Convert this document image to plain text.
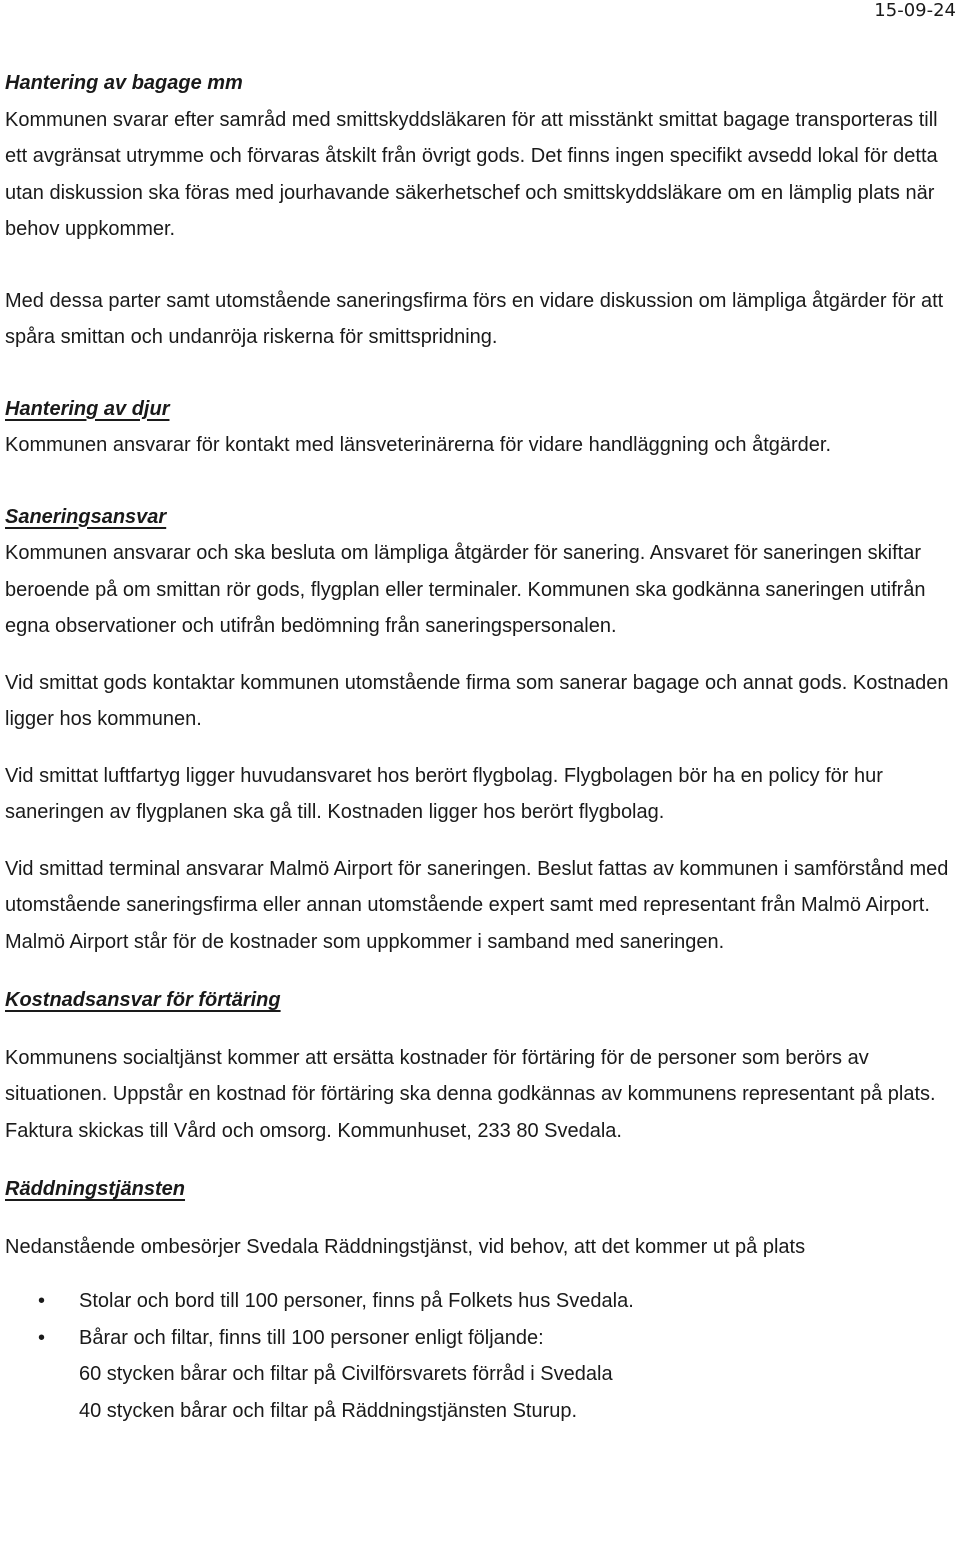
15-09-24

Hantering av bagage mm

Kommunen svarar efter samråd med smittskyddsläkaren för att misstänkt smittat bagage transporteras till ett avgränsat utrymme och förvaras åtskilt från övrigt gods. Det finns ingen specifikt avsedd lokal för detta utan diskussion ska föras med jourhavande säkerhetschef och smittskyddsläkare om en lämplig plats när behov uppkommer.

Med dessa parter samt utomstående saneringsfirma förs en vidare diskussion om lämpliga åtgärder för att spåra smittan och undanröja riskerna för smittspridning.

Hantering av djur

Kommunen ansvarar för kontakt med länsveterinärerna för vidare handläggning och åtgärder.

Saneringsansvar

Kommunen ansvarar och ska besluta om lämpliga åtgärder för sanering. Ansvaret för saneringen skiftar beroende på om smittan rör gods, flygplan eller terminaler. Kommunen ska godkänna saneringen utifrån egna observationer och utifrån bedömning från saneringspersonalen.

Vid smittat gods kontaktar kommunen utomstående firma som sanerar bagage och annat gods. Kostnaden ligger hos kommunen.

Vid smittat luftfartyg ligger huvudansvaret hos berört flygbolag. Flygbolagen bör ha en policy för hur saneringen av flygplanen ska gå till. Kostnaden ligger hos berört flygbolag.

Vid smittad terminal ansvarar Malmö Airport för saneringen. Beslut fattas av kommunen i samförstånd med utomstående saneringsfirma eller annan utomstående expert samt med representant från Malmö Airport. Malmö Airport står för de kostnader som uppkommer i samband med saneringen.

Kostnadsansvar för förtäring

Kommunens socialtjänst kommer att ersätta kostnader för förtäring för de personer som berörs av situationen. Uppstår en kostnad för förtäring ska denna godkännas av kommunens representant på plats. Faktura skickas till Vård och omsorg. Kommunhuset, 233 80 Svedala.

Räddningstjänsten

Nedanstående ombesörjer Svedala Räddningstjänst, vid behov, att det kommer ut på plats

• Stolar och bord till 100 personer, finns på Folkets hus Svedala.
• Bårar och filtar, finns till 100 personer enligt följande:
60 stycken bårar och filtar på Civilförsvarets förråd i Svedala
40 stycken bårar och filtar på Räddningstjänsten Sturup.
